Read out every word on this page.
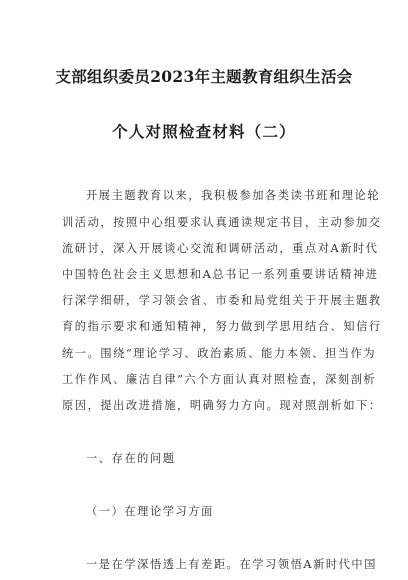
支部组织委员2023年主题教育组织生活会
个人对照检查材料（二）
开展主题教育以来，我积极参加各类读书班和理论轮
训活动，按照中心组要求认真通读规定书目，主动参加交
流研讨，深入开展谈心交流和调研活动，重点对A新时代
中国特色社会主义思想和A总书记一系列重要讲话精神进
行深学细研，学习领会省、市委和局党组关于开展主题教
育的指示要求和通知精神，努力做到学思用结合、知信行
统一。围绕“理论学习、政治素质、能力本领、担当作为
工作作风、廉洁自律”六个方面认真对照检查，深刻剖析
原因，提出改进措施，明确努力方向。现对照剖析如下：
一、存在的问题
（一）在理论学习方面
一是在学深悟透上有差距。在学习领悟A新时代中国
